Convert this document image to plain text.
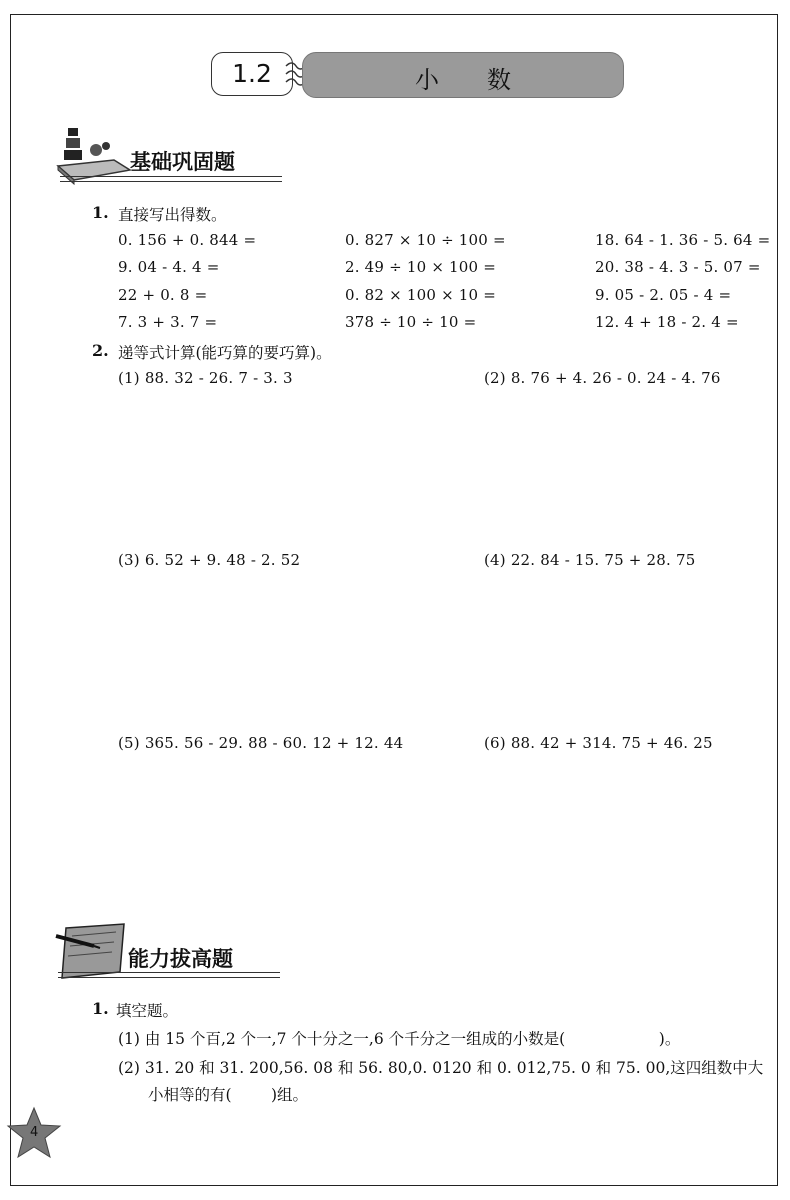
1.2	小数
基础巩固题
1. 直接写出得数。
0. 156 + 0. 844 =	0. 827 × 10 ÷ 100 =	18. 64 - 1. 36 - 5. 64 =
9. 04 - 4. 4 =	2. 49 ÷ 10 × 100 =	20. 38 - 4. 3 - 5. 07 =
22 + 0. 8 =	0. 82 × 100 × 10 =	9. 05 - 2. 05 - 4 =
7. 3 + 3. 7 =	378 ÷ 10 ÷ 10 =	12. 4 + 18 - 2. 4 =
2. 递等式计算(能巧算的要巧算)。
(1) 88. 32 - 26. 7 - 3. 3	(2) 8. 76 + 4. 26 - 0. 24 - 4. 76
(3) 6. 52 + 9. 48 - 2. 52	(4) 22. 84 - 15. 75 + 28. 75
(5) 365. 56 - 29. 88 - 60. 12 + 12. 44	(6) 88. 42 + 314. 75 + 46. 25
能力拔高题
1. 填空题。
(1) 由 15 个百,2 个一,7 个十分之一,6 个千分之一组成的小数是(                   )。
(2) 31. 20 和 31. 200,56. 08 和 56. 80,0. 0120 和 0. 012,75. 0 和 75. 00,这四组数中大
小相等的有(        )组。
4
